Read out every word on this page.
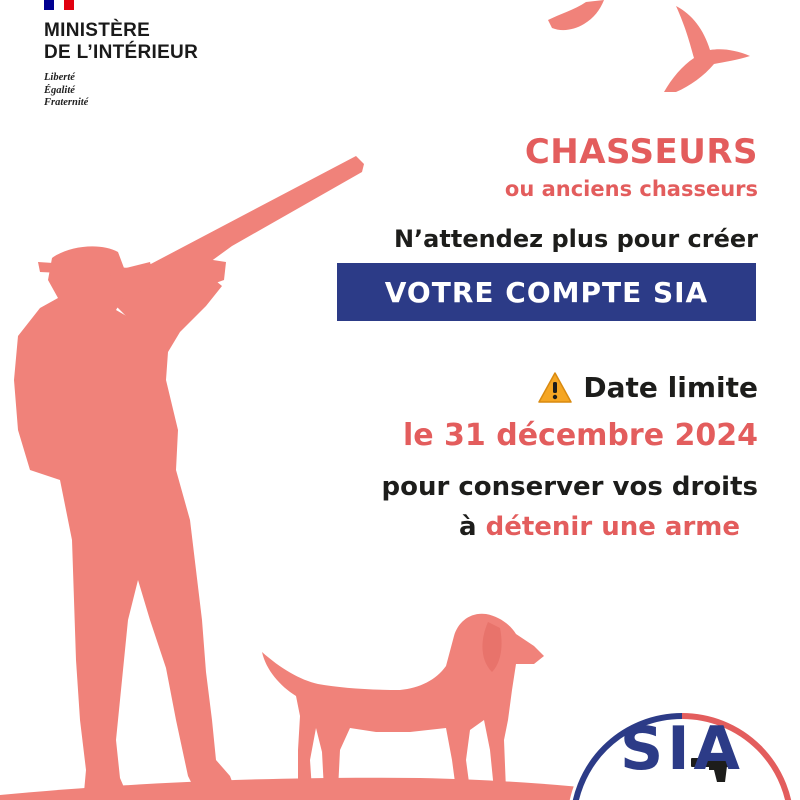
MINISTÈRE
DE L’INTÉRIEUR
Liberté
Égalité
Fraternité
CHASSEURS
ou anciens chasseurs
N’attendez plus pour créer
VOTRE COMPTE SIA
Date limite
le 31 décembre 2024
pour conserver vos droits
à détenir une arme
SIA
